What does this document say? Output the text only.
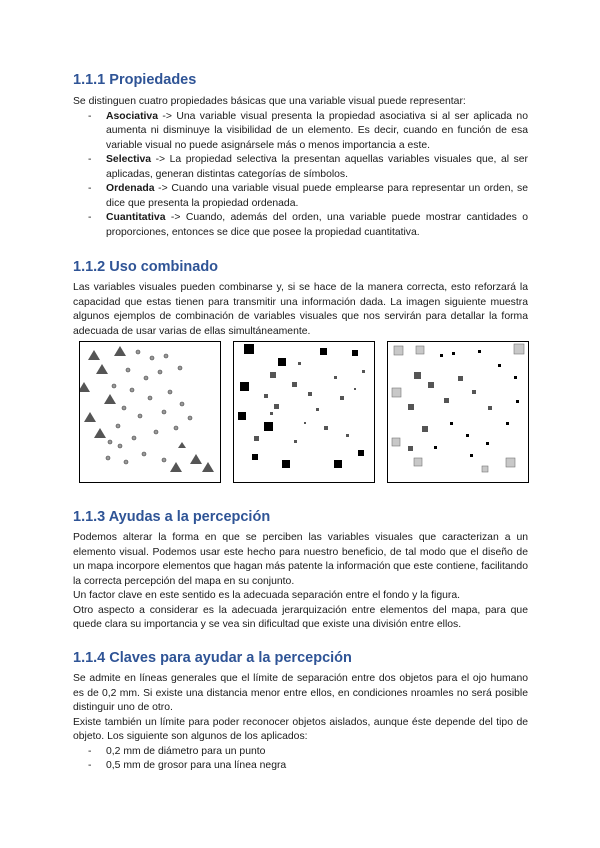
1.1.1 Propiedades

Se distinguen cuatro propiedades básicas que una variable visual puede representar:

- Asociativa -> Una variable visual presenta la propiedad asociativa si al ser aplicada no aumenta ni disminuye la visibilidad de un elemento. Es decir, cuando en función de esa variable visual no puede asignársele más o menos importancia a este.
- Selectiva -> La propiedad selectiva la presentan aquellas variables visuales que, al ser aplicadas, generan distintas categorías de símbolos.
- Ordenada -> Cuando una variable visual puede emplearse para representar un orden, se dice que presenta la propiedad ordenada.
- Cuantitativa -> Cuando, además del orden, una variable puede mostrar cantidades o proporciones, entonces se dice que posee la propiedad cuantitativa.
1.1.2 Uso combinado

Las variables visuales pueden combinarse y, si se hace de la manera correcta, esto reforzará la capacidad que estas tienen para transmitir una información dada. La imagen siguiente muestra algunos ejemplos de combinación de variables visuales que nos servirán para detallar la forma adecuada de usar varias de ellas simultáneamente.

1.1.3 Ayudas a la percepción

Podemos alterar la forma en que se perciben las variables visuales que caracterizan a un elemento visual. Podemos usar este hecho para nuestro beneficio, de tal modo que el diseño de un mapa incorpore elementos que hagan más patente la información que este contiene, facilitando la correcta percepción del mapa en su conjunto.

Un factor clave en este sentido es la adecuada separación entre el fondo y la figura.

Otro aspecto a considerar es la adecuada jerarquización entre elementos del mapa, para que quede clara su importancia y se vea sin dificultad que existe una división entre ellos.

1.1.4 Claves para ayudar a la percepción

Se admite en líneas generales que el límite de separación entre dos objetos para el ojo humano es de 0,2 mm. Si existe una distancia menor entre ellos, en condiciones nroamles no será posible distinguir uno de otro.

Existe también un límite para poder reconocer objetos aislados, aunque éste depende del tipo de objeto. Los siguiente son algunos de los aplicados:

- 0,2 mm de diámetro para un punto
- 0,5 mm de grosor para una línea negra
